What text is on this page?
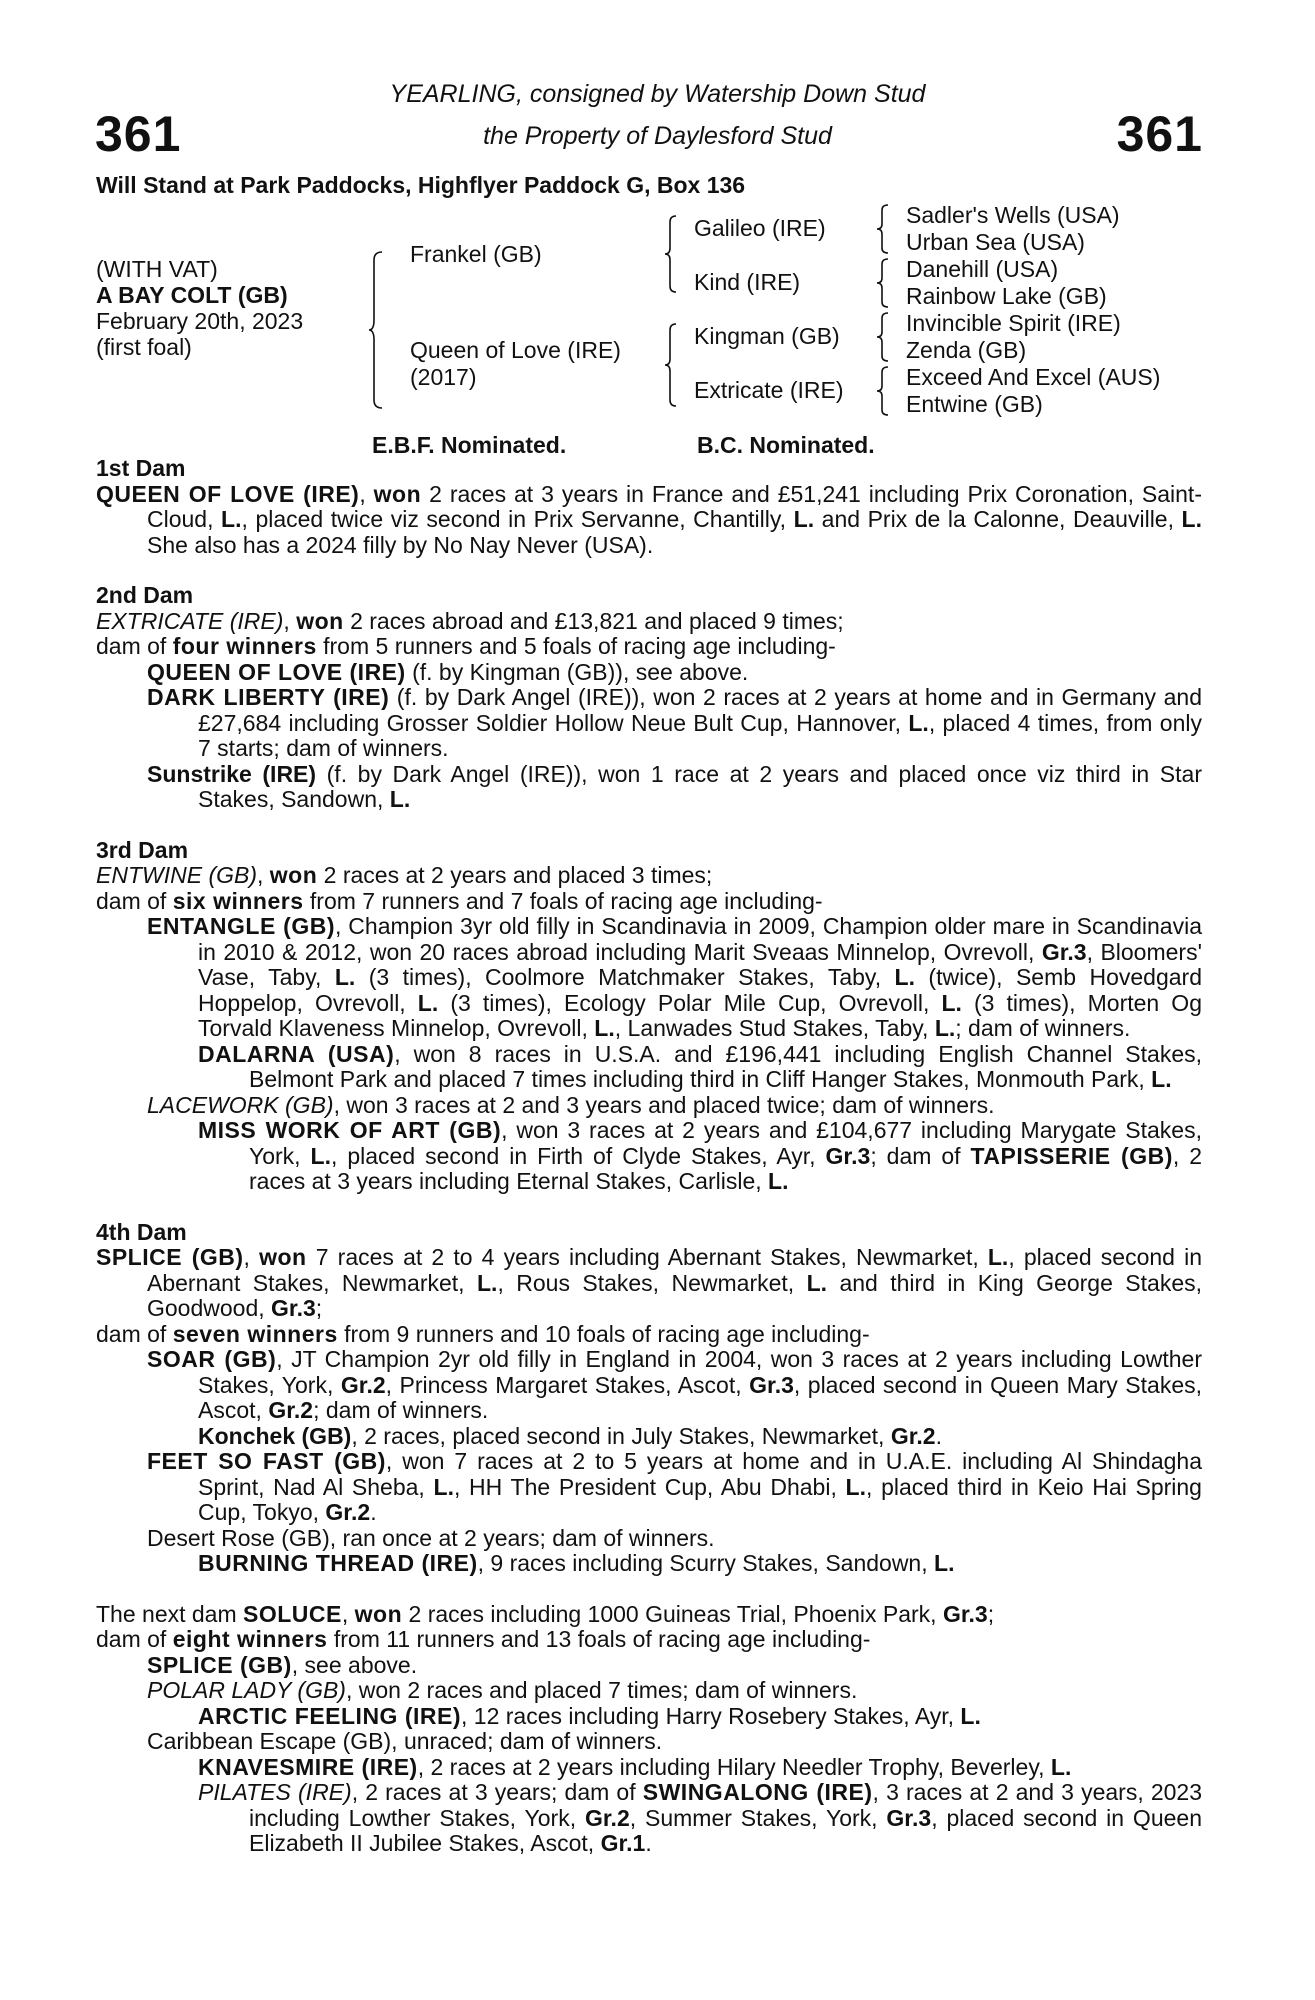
361	361
YEARLING, consigned by Watership Down Stud
the Property of Daylesford Stud
Will Stand at Park Paddocks, Highflyer Paddock G, Box 136
(WITH VAT)
A BAY COLT (GB)
February 20th, 2023
(first foal)
Frankel (GB)
Queen of Love (IRE)
(2017)
Galileo (IRE)
Kind (IRE)
Kingman (GB)
Extricate (IRE)
Sadler's Wells (USA)
Urban Sea (USA)
Danehill (USA)
Rainbow Lake (GB)
Invincible Spirit (IRE)
Zenda (GB)
Exceed And Excel (AUS)
Entwine (GB)
E.B.F. Nominated.	B.C. Nominated.
1st Dam

QUEEN OF LOVE (IRE), won 2 races at 3 years in France and £51,241 including Prix Coronation, Saint-Cloud, L., placed twice viz second in Prix Servanne, Chantilly, L. and Prix de la Calonne, Deauville, L. She also has a 2024 filly by No Nay Never (USA).

2nd Dam

EXTRICATE (IRE), won 2 races abroad and £13,821 and placed 9 times;

dam of four winners from 5 runners and 5 foals of racing age including-

QUEEN OF LOVE (IRE) (f. by Kingman (GB)), see above.

DARK LIBERTY (IRE) (f. by Dark Angel (IRE)), won 2 races at 2 years at home and in Germany and £27,684 including Grosser Soldier Hollow Neue Bult Cup, Hannover, L., placed 4 times, from only 7 starts; dam of winners.

Sunstrike (IRE) (f. by Dark Angel (IRE)), won 1 race at 2 years and placed once viz third in Star Stakes, Sandown, L.

3rd Dam

ENTWINE (GB), won 2 races at 2 years and placed 3 times;

dam of six winners from 7 runners and 7 foals of racing age including-

ENTANGLE (GB), Champion 3yr old filly in Scandinavia in 2009, Champion older mare in Scandinavia in 2010 & 2012, won 20 races abroad including Marit Sveaas Minnelop, Ovrevoll, Gr.3, Bloomers' Vase, Taby, L. (3 times), Coolmore Matchmaker Stakes, Taby, L. (twice), Semb Hovedgard Hoppelop, Ovrevoll, L. (3 times), Ecology Polar Mile Cup, Ovrevoll, L. (3 times), Morten Og Torvald Klaveness Minnelop, Ovrevoll, L., Lanwades Stud Stakes, Taby, L.; dam of winners.

DALARNA (USA), won 8 races in U.S.A. and £196,441 including English Channel Stakes, Belmont Park and placed 7 times including third in Cliff Hanger Stakes, Monmouth Park, L.

LACEWORK (GB), won 3 races at 2 and 3 years and placed twice; dam of winners.

MISS WORK OF ART (GB), won 3 races at 2 years and £104,677 including Marygate Stakes, York, L., placed second in Firth of Clyde Stakes, Ayr, Gr.3; dam of TAPISSERIE (GB), 2 races at 3 years including Eternal Stakes, Carlisle, L.

4th Dam

SPLICE (GB), won 7 races at 2 to 4 years including Abernant Stakes, Newmarket, L., placed second in Abernant Stakes, Newmarket, L., Rous Stakes, Newmarket, L. and third in King George Stakes, Goodwood, Gr.3;

dam of seven winners from 9 runners and 10 foals of racing age including-

SOAR (GB), JT Champion 2yr old filly in England in 2004, won 3 races at 2 years including Lowther Stakes, York, Gr.2, Princess Margaret Stakes, Ascot, Gr.3, placed second in Queen Mary Stakes, Ascot, Gr.2; dam of winners.

Konchek (GB), 2 races, placed second in July Stakes, Newmarket, Gr.2.

FEET SO FAST (GB), won 7 races at 2 to 5 years at home and in U.A.E. including Al Shindagha Sprint, Nad Al Sheba, L., HH The President Cup, Abu Dhabi, L., placed third in Keio Hai Spring Cup, Tokyo, Gr.2.

Desert Rose (GB), ran once at 2 years; dam of winners.

BURNING THREAD (IRE), 9 races including Scurry Stakes, Sandown, L.

The next dam SOLUCE, won 2 races including 1000 Guineas Trial, Phoenix Park, Gr.3;

dam of eight winners from 11 runners and 13 foals of racing age including-

SPLICE (GB), see above.

POLAR LADY (GB), won 2 races and placed 7 times; dam of winners.

ARCTIC FEELING (IRE), 12 races including Harry Rosebery Stakes, Ayr, L.

Caribbean Escape (GB), unraced; dam of winners.

KNAVESMIRE (IRE), 2 races at 2 years including Hilary Needler Trophy, Beverley, L.

PILATES (IRE), 2 races at 3 years; dam of SWINGALONG (IRE), 3 races at 2 and 3 years, 2023 including Lowther Stakes, York, Gr.2, Summer Stakes, York, Gr.3, placed second in Queen Elizabeth II Jubilee Stakes, Ascot, Gr.1.
